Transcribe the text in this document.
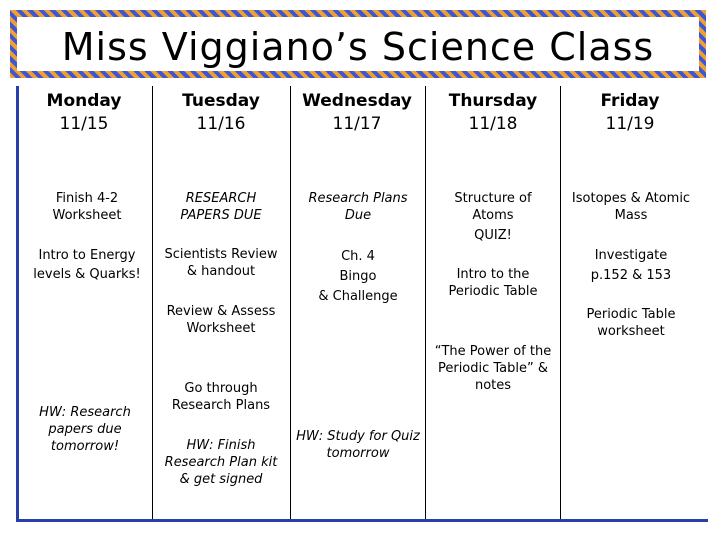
Miss Viggiano’s Science Class
Monday
11/15
Tuesday
11/16
Wednesday
11/17
Thursday
11/18
Friday
11/19
Finish 4-2 Worksheet
Intro to Energy levels & Quarks!
HW: Research papers due tomorrow!
RESEARCH PAPERS DUE
Scientists Review & handout
Review & Assess Worksheet
Go through Research Plans
HW: Finish Research Plan kit & get signed
Research Plans Due
Ch. 4
Bingo
& Challenge
HW: Study for Quiz tomorrow
Structure of Atoms
QUIZ!
Intro to the Periodic Table
“The Power of the Periodic Table” & notes
Isotopes & Atomic Mass
Investigate
p.152 & 153
Periodic Table worksheet
